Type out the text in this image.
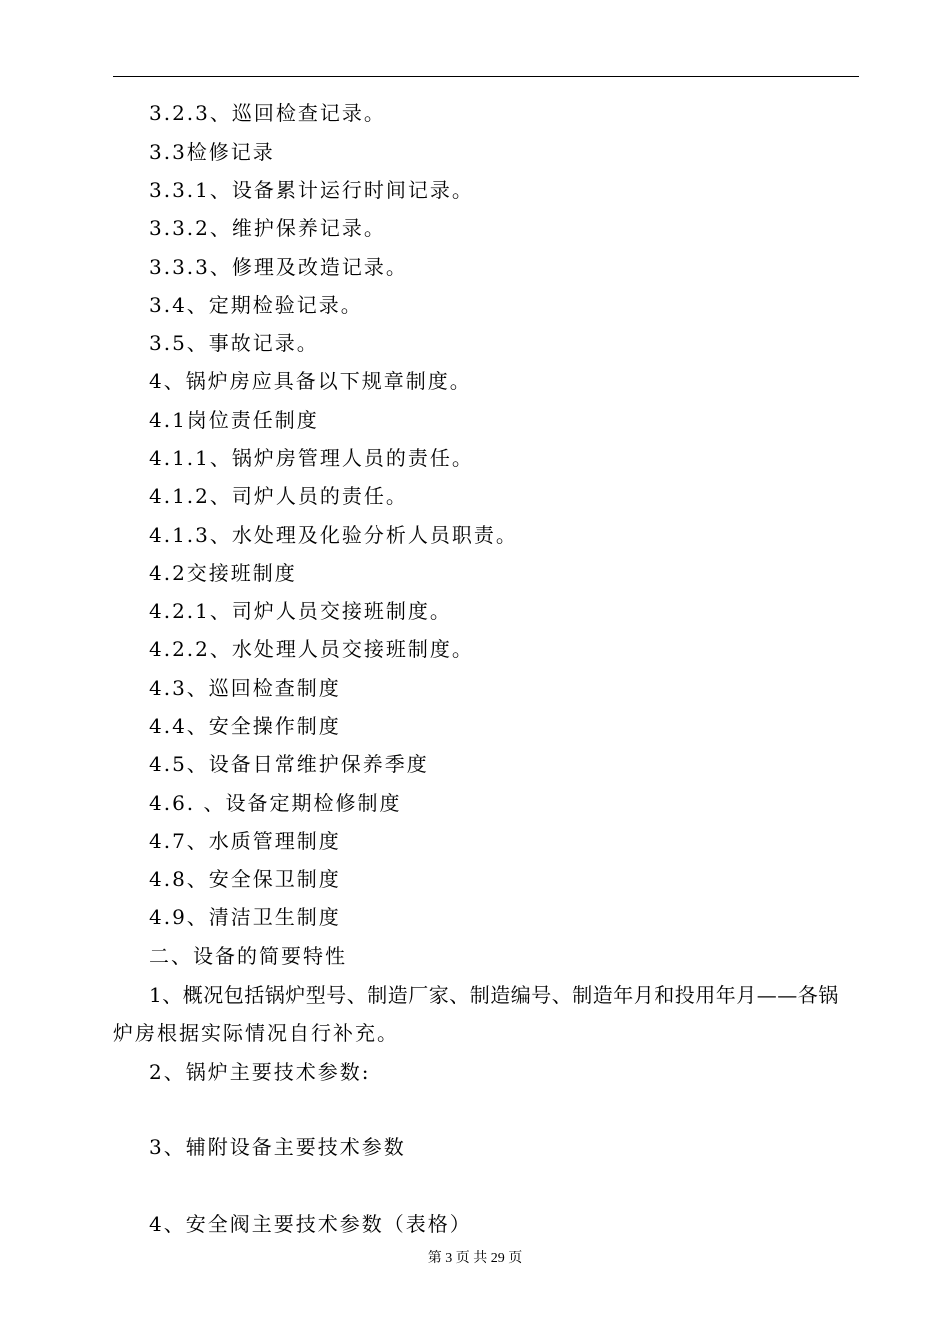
3.2.3、巡回检查记录。
3.3检修记录
3.3.1、设备累计运行时间记录。
3.3.2、维护保养记录。
3.3.3、修理及改造记录。
3.4、定期检验记录。
3.5、事故记录。
4、锅炉房应具备以下规章制度。
4.1岗位责任制度
4.1.1、锅炉房管理人员的责任。
4.1.2、司炉人员的责任。
4.1.3、水处理及化验分析人员职责。
4.2交接班制度
4.2.1、司炉人员交接班制度。
4.2.2、水处理人员交接班制度。
4.3、巡回检查制度
4.4、安全操作制度
4.5、设备日常维护保养季度
4.6. 、设备定期检修制度
4.7、水质管理制度
4.8、安全保卫制度
4.9、清洁卫生制度
二、设备的简要特性
1、概况包括锅炉型号、制造厂家、制造编号、制造年月和投用年月——各锅
炉房根据实际情况自行补充。
2、锅炉主要技术参数:
3、辅附设备主要技术参数
4、安全阀主要技术参数（表格）
第 3 页 共 29 页
